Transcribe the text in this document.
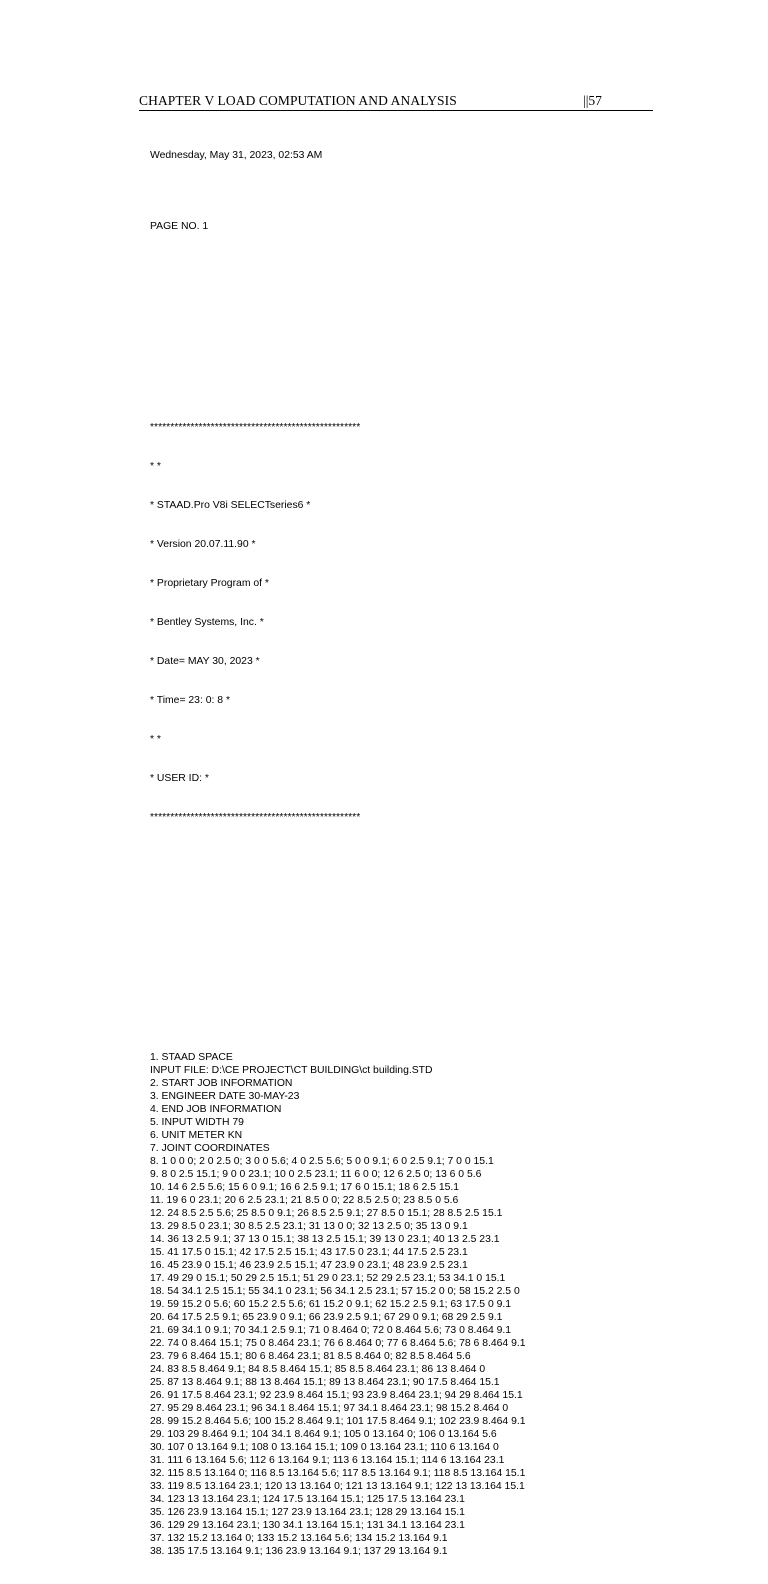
CHAPTER V LOAD COMPUTATION AND ANALYSIS	||57

Wednesday, May 31, 2023, 02:53 AM

PAGE NO. 1

****************************************************

* *

* STAAD.Pro V8i SELECTseries6 *

* Version 20.07.11.90 *

* Proprietary Program of *

* Bentley Systems, Inc. *

* Date= MAY 30, 2023 *

* Time= 23: 0: 8 *

* *

* USER ID: *

****************************************************

1. STAAD SPACE
INPUT FILE: D:\CE PROJECT\CT BUILDING\ct building.STD
2. START JOB INFORMATION
3. ENGINEER DATE 30-MAY-23
4. END JOB INFORMATION
5. INPUT WIDTH 79
6. UNIT METER KN
7. JOINT COORDINATES
8. 1 0 0 0; 2 0 2.5 0; 3 0 0 5.6; 4 0 2.5 5.6; 5 0 0 9.1; 6 0 2.5 9.1; 7 0 0 15.1
9. 8 0 2.5 15.1; 9 0 0 23.1; 10 0 2.5 23.1; 11 6 0 0; 12 6 2.5 0; 13 6 0 5.6
10. 14 6 2.5 5.6; 15 6 0 9.1; 16 6 2.5 9.1; 17 6 0 15.1; 18 6 2.5 15.1
11. 19 6 0 23.1; 20 6 2.5 23.1; 21 8.5 0 0; 22 8.5 2.5 0; 23 8.5 0 5.6
12. 24 8.5 2.5 5.6; 25 8.5 0 9.1; 26 8.5 2.5 9.1; 27 8.5 0 15.1; 28 8.5 2.5 15.1
13. 29 8.5 0 23.1; 30 8.5 2.5 23.1; 31 13 0 0; 32 13 2.5 0; 35 13 0 9.1
14. 36 13 2.5 9.1; 37 13 0 15.1; 38 13 2.5 15.1; 39 13 0 23.1; 40 13 2.5 23.1
15. 41 17.5 0 15.1; 42 17.5 2.5 15.1; 43 17.5 0 23.1; 44 17.5 2.5 23.1
16. 45 23.9 0 15.1; 46 23.9 2.5 15.1; 47 23.9 0 23.1; 48 23.9 2.5 23.1
17. 49 29 0 15.1; 50 29 2.5 15.1; 51 29 0 23.1; 52 29 2.5 23.1; 53 34.1 0 15.1
18. 54 34.1 2.5 15.1; 55 34.1 0 23.1; 56 34.1 2.5 23.1; 57 15.2 0 0; 58 15.2 2.5 0
19. 59 15.2 0 5.6; 60 15.2 2.5 5.6; 61 15.2 0 9.1; 62 15.2 2.5 9.1; 63 17.5 0 9.1
20. 64 17.5 2.5 9.1; 65 23.9 0 9.1; 66 23.9 2.5 9.1; 67 29 0 9.1; 68 29 2.5 9.1
21. 69 34.1 0 9.1; 70 34.1 2.5 9.1; 71 0 8.464 0; 72 0 8.464 5.6; 73 0 8.464 9.1
22. 74 0 8.464 15.1; 75 0 8.464 23.1; 76 6 8.464 0; 77 6 8.464 5.6; 78 6 8.464 9.1
23. 79 6 8.464 15.1; 80 6 8.464 23.1; 81 8.5 8.464 0; 82 8.5 8.464 5.6
24. 83 8.5 8.464 9.1; 84 8.5 8.464 15.1; 85 8.5 8.464 23.1; 86 13 8.464 0
25. 87 13 8.464 9.1; 88 13 8.464 15.1; 89 13 8.464 23.1; 90 17.5 8.464 15.1
26. 91 17.5 8.464 23.1; 92 23.9 8.464 15.1; 93 23.9 8.464 23.1; 94 29 8.464 15.1
27. 95 29 8.464 23.1; 96 34.1 8.464 15.1; 97 34.1 8.464 23.1; 98 15.2 8.464 0
28. 99 15.2 8.464 5.6; 100 15.2 8.464 9.1; 101 17.5 8.464 9.1; 102 23.9 8.464 9.1
29. 103 29 8.464 9.1; 104 34.1 8.464 9.1; 105 0 13.164 0; 106 0 13.164 5.6
30. 107 0 13.164 9.1; 108 0 13.164 15.1; 109 0 13.164 23.1; 110 6 13.164 0
31. 111 6 13.164 5.6; 112 6 13.164 9.1; 113 6 13.164 15.1; 114 6 13.164 23.1
32. 115 8.5 13.164 0; 116 8.5 13.164 5.6; 117 8.5 13.164 9.1; 118 8.5 13.164 15.1
33. 119 8.5 13.164 23.1; 120 13 13.164 0; 121 13 13.164 9.1; 122 13 13.164 15.1
34. 123 13 13.164 23.1; 124 17.5 13.164 15.1; 125 17.5 13.164 23.1
35. 126 23.9 13.164 15.1; 127 23.9 13.164 23.1; 128 29 13.164 15.1
36. 129 29 13.164 23.1; 130 34.1 13.164 15.1; 131 34.1 13.164 23.1
37. 132 15.2 13.164 0; 133 15.2 13.164 5.6; 134 15.2 13.164 9.1
38. 135 17.5 13.164 9.1; 136 23.9 13.164 9.1; 137 29 13.164 9.1
